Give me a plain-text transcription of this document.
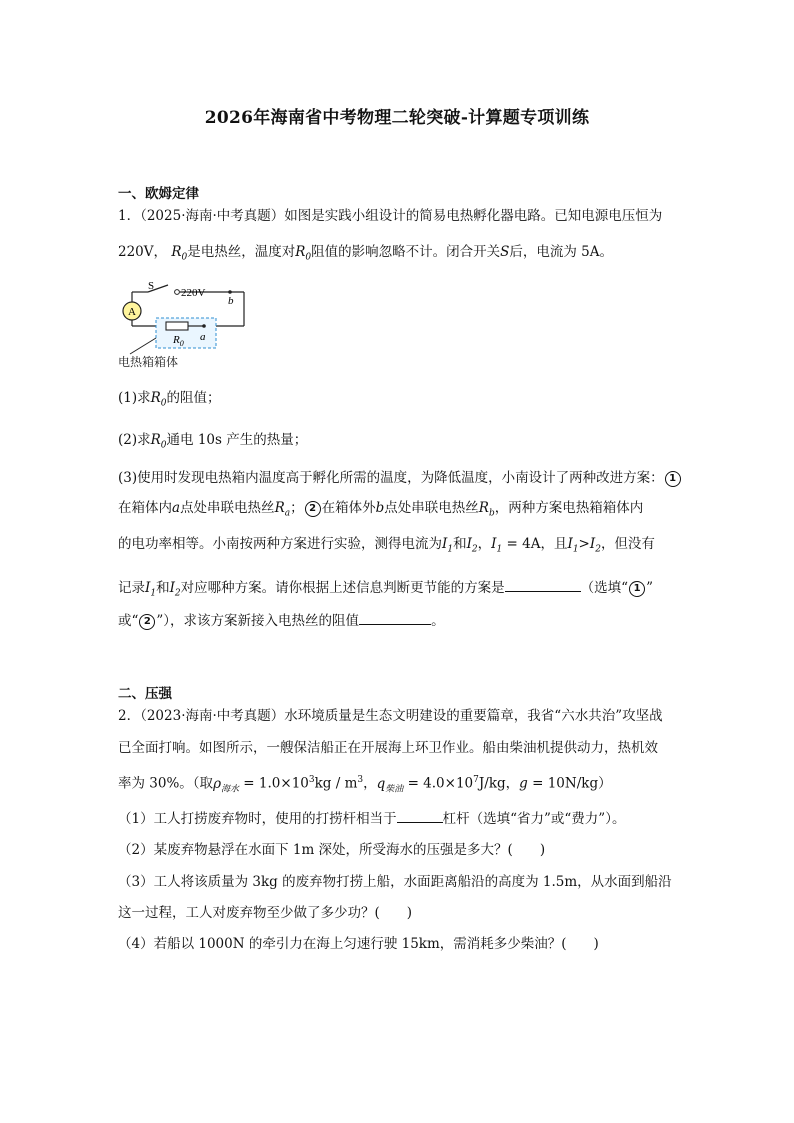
2026年海南省中考物理二轮突破-计算题专项训练
一、欧姆定律
1．（2025·海南·中考真题）如图是实践小组设计的简易电热孵化器电路。已知电源电压恒为
220V， $R_0$是电热丝，温度对$R_0$阻值的影响忽略不计。闭合开关S后，电流为 5A。
A
S
220V
b
$R_0$
a
电热箱箱体
(1)求$R_0$的阻值；
(2)求$R_0$通电 10s 产生的热量；
(3)使用时发现电热箱内温度高于孵化所需的温度，为降低温度，小南设计了两种改进方案： 1
在箱体内a点处串联电热丝$R_a$； 2 在箱体外b点处串联电热丝$R_b$，两种方案电热箱箱体内
的电功率相等。小南按两种方案进行实验，测得电流为$I_1$和$I_2$，$I_1 = 4A$，且$I_1>I_2$，但没有
记录$I_1$和$I_2$对应哪种方案。请你根据上述信息判断更节能的方案是	（选填“ 1 ”
或“ 2 ”），求该方案新接入电热丝的阻值	。
二、压强
2．（2023·海南·中考真题）水环境质量是生态文明建设的重要篇章，我省“六水共治”攻坚战
已全面打响。如图所示，一艘保洁船正在开展海上环卫作业。船由柴油机提供动力，热机效
率为 30%。（取$\rho_{海水} = 1.0\times 10^3kg / m^3$，$q_{柴油} = 4.0\times 10^7J/kg$，g = 10N/kg）
（1）工人打捞废弃物时，使用的打捞杆相当于	杠杆（选填“省力”或“费力”）。
（2）某废弃物悬浮在水面下 1m 深处，所受海水的压强是多大？(　　)
（3）工人将该质量为 3kg 的废弃物打捞上船，水面距离船沿的高度为 1.5m，从水面到船沿
这一过程，工人对废弃物至少做了多少功？(　　)
（4）若船以 1000N 的牵引力在海上匀速行驶 15km，需消耗多少柴油？(　　)
